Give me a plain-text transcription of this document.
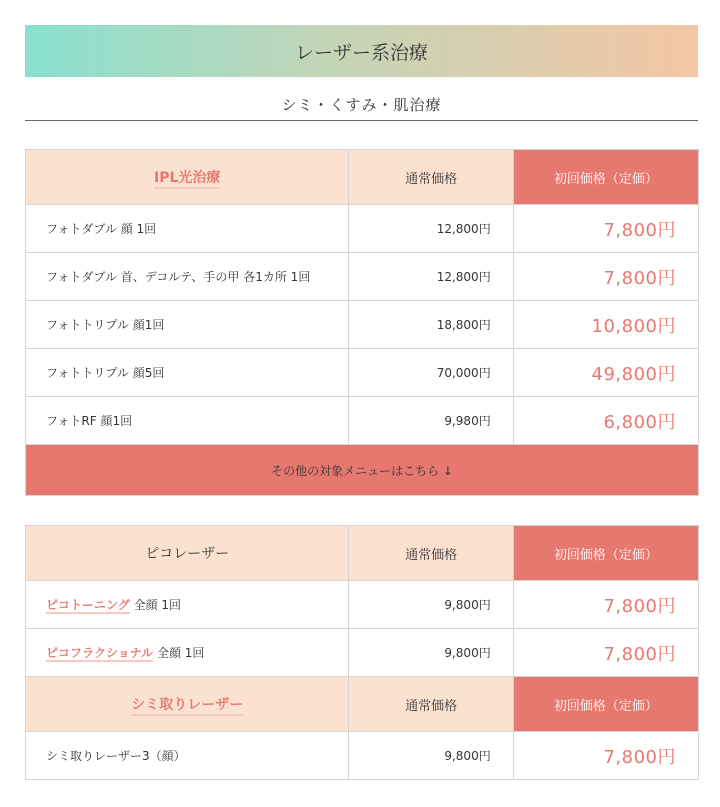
レーザー系治療
シミ・くすみ・肌治療
IPL光治療	通常価格	初回価格（定価）
フォトダブル 顔 1回	12,800円	7,800円
フォトダブル 首、デコルテ、手の甲 各1カ所 1回	12,800円	7,800円
フォトトリプル 顔1回	18,800円	10,800円
フォトトリプル 顔5回	70,000円	49,800円
フォトRF 顔1回	9,980円	6,800円
その他の対象メニューはこちら ↓		
ピコレーザー	通常価格	初回価格（定価）
ピコトーニング 全顔 1回	9,800円	7,800円
ピコフラクショナル 全顔 1回	9,800円	7,800円
シミ取りレーザー	通常価格	初回価格（定価）
シミ取りレーザー3（顔）	9,800円	7,800円
